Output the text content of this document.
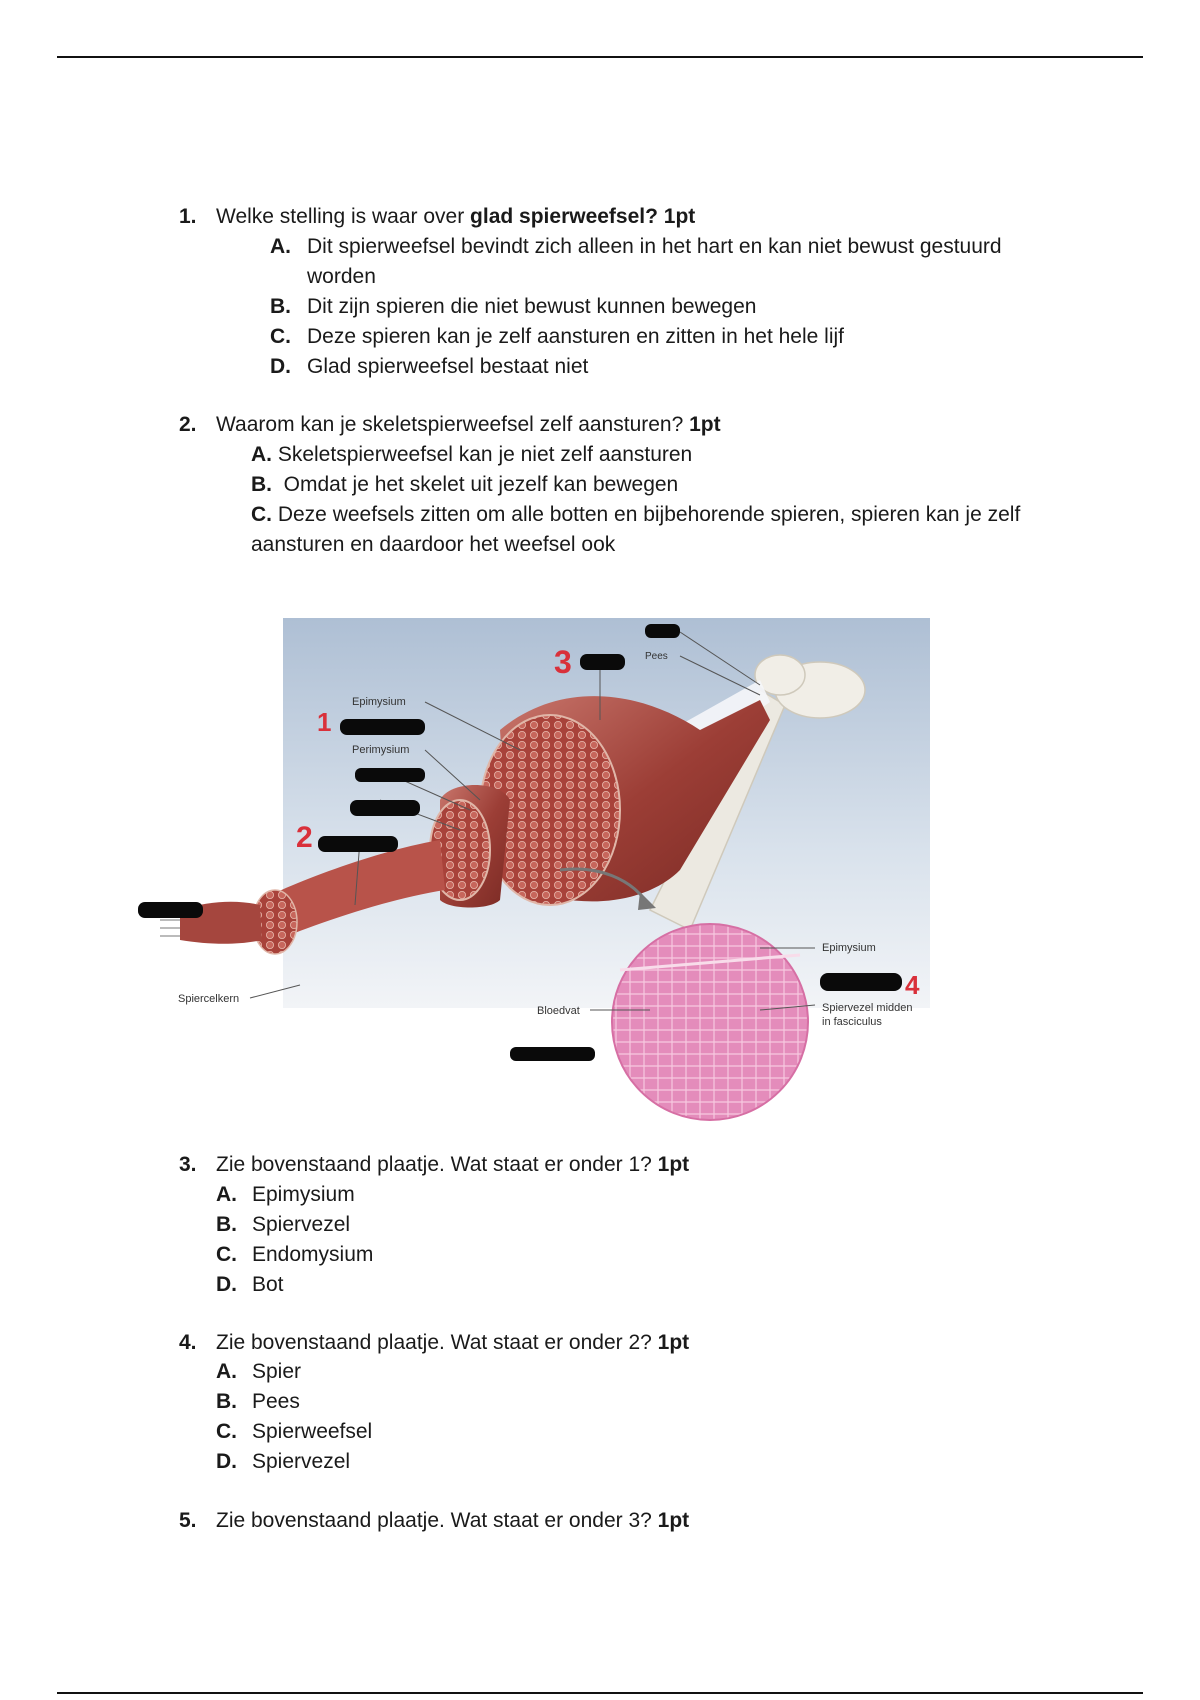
1. Welke stelling is waar over glad spierweefsel? 1pt
A. Dit spierweefsel bevindt zich alleen in het hart en kan niet bewust gestuurd worden
B. Dit zijn spieren die niet bewust kunnen bewegen
C. Deze spieren kan je zelf aansturen en zitten in het hele lijf
D. Glad spierweefsel bestaat niet
2. Waarom kan je skeletspierweefsel zelf aansturen? 1pt
A. Skeletspierweefsel kan je niet zelf aansturen
B.  Omdat je het skelet uit jezelf kan bewegen
C. Deze weefsels zitten om alle botten en bijbehorende spieren, spieren kan je zelf aansturen en daardoor het weefsel ook
Epimysium
Perimysium
Pees
Spiercelkern
Bloedvat
Epimysium
Spiervezel midden
in fasciculus
1
2
3
4
3. Zie bovenstaand plaatje. Wat staat er onder 1? 1pt
A. Epimysium
B. Spiervezel
C. Endomysium
D. Bot
4. Zie bovenstaand plaatje. Wat staat er onder 2? 1pt
A. Spier
B. Pees
C. Spierweefsel
D. Spiervezel
5. Zie bovenstaand plaatje. Wat staat er onder 3? 1pt
